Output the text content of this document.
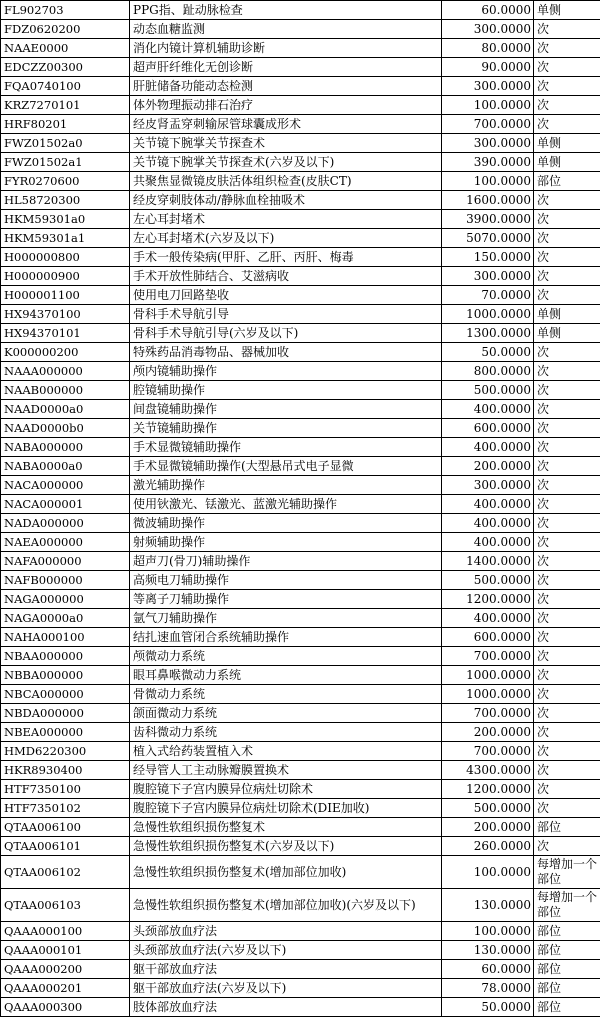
FL902703	PPG指、趾动脉检查	60.0000	单侧
FDZ0620200	动态血糖监测	300.0000	次
NAAE0000	消化内镜计算机辅助诊断	80.0000	次
EDCZZ00300	超声肝纤维化无创诊断	90.0000	次
FQA0740100	肝脏储备功能动态检测	300.0000	次
KRZ7270101	体外物理振动排石治疗	100.0000	次
HRF80201	经皮肾盂穿刺输尿管球囊成形术	700.0000	次
FWZ01502a0	关节镜下腕掌关节探查术	300.0000	单侧
FWZ01502a1	关节镜下腕掌关节探查术(六岁及以下)	390.0000	单侧
FYR0270600	共聚焦显微镜皮肤活体组织检查(皮肤CT)	100.0000	部位
HL58720300	经皮穿刺肢体动/静脉血栓抽吸术	1600.0000	次
HKM59301a0	左心耳封堵术	3900.0000	次
HKM59301a1	左心耳封堵术(六岁及以下)	5070.0000	次
H000000800	手术一般传染病(甲肝、乙肝、丙肝、梅毒	150.0000	次
H000000900	手术开放性肺结合、艾滋病收	300.0000	次
H000001100	使用电刀回路垫收	70.0000	次
HX94370100	骨科手术导航引导	1000.0000	单侧
HX94370101	骨科手术导航引导(六岁及以下)	1300.0000	单侧
K000000200	特殊药品消毒物品、器械加收	50.0000	次
NAAA000000	颅内镜辅助操作	800.0000	次
NAAB000000	腔镜辅助操作	500.0000	次
NAAD0000a0	间盘镜辅助操作	400.0000	次
NAAD0000b0	关节镜辅助操作	600.0000	次
NABA000000	手术显微镜辅助操作	400.0000	次
NABA0000a0	手术显微镜辅助操作(大型悬吊式电子显微	200.0000	次
NACA000000	激光辅助操作	300.0000	次
NACA000001	使用钬激光、铥激光、蓝激光辅助操作	400.0000	次
NADA000000	微波辅助操作	400.0000	次
NAEA000000	射频辅助操作	400.0000	次
NAFA000000	超声刀(骨刀)辅助操作	1400.0000	次
NAFB000000	高频电刀辅助操作	500.0000	次
NAGA000000	等离子刀辅助操作	1200.0000	次
NAGA0000a0	氩气刀辅助操作	400.0000	次
NAHA000100	结扎速血管闭合系统辅助操作	600.0000	次
NBAA000000	颅微动力系统	700.0000	次
NBBA000000	眼耳鼻喉微动力系统	1000.0000	次
NBCA000000	骨微动力系统	1000.0000	次
NBDA000000	颌面微动力系统	700.0000	次
NBEA000000	齿科微动力系统	200.0000	次
HMD6220300	植入式给药装置植入术	700.0000	次
HKR8930400	经导管人工主动脉瓣膜置换术	4300.0000	次
HTF7350100	腹腔镜下子宫内膜异位病灶切除术	1200.0000	次
HTF7350102	腹腔镜下子宫内膜异位病灶切除术(DIE加收)	500.0000	次
QTAA006100	急慢性软组织损伤整复术	200.0000	部位
QTAA006101	急慢性软组织损伤整复术(六岁及以下)	260.0000	次
QTAA006102	急慢性软组织损伤整复术(增加部位加收)	100.0000	每增加一个部位
QTAA006103	急慢性软组织损伤整复术(增加部位加收)(六岁及以下)	130.0000	每增加一个部位
QAAA000100	头颈部放血疗法	100.0000	部位
QAAA000101	头颈部放血疗法(六岁及以下)	130.0000	部位
QAAA000200	躯干部放血疗法	60.0000	部位
QAAA000201	躯干部放血疗法(六岁及以下)	78.0000	部位
QAAA000300	肢体部放血疗法	50.0000	部位
